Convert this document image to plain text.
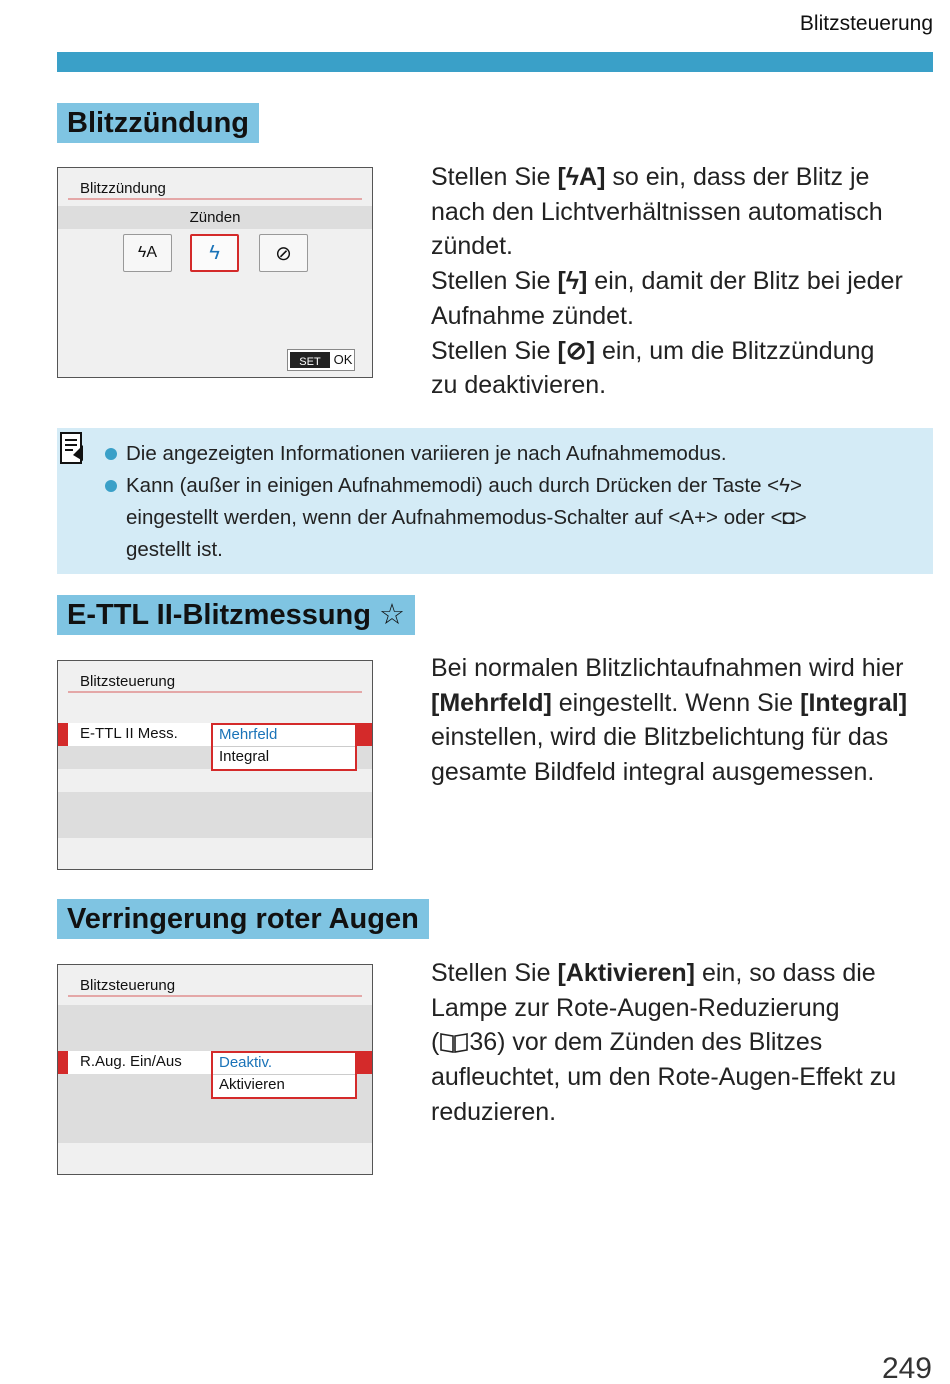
Blitzsteuerung
Blitzzündung
Blitzzündung
Zünden
ϟA	ϟ	⊘
SET OK
Stellen Sie [ϟA] so ein, dass der Blitz je
nach den Lichtverhältnissen automatisch
zündet.
Stellen Sie [ϟ] ein, damit der Blitz bei jeder
Aufnahme zündet.
Stellen Sie [⊘] ein, um die Blitzzündung
zu deaktivieren.
Die angezeigten Informationen variieren je nach Aufnahmemodus.
Kann (außer in einigen Aufnahmemodi) auch durch Drücken der Taste <ϟ>
eingestellt werden, wenn der Aufnahmemodus-Schalter auf <A+> oder <◘>
gestellt ist.
E-TTL II-Blitzmessung ☆
Blitzsteuerung
E-TTL II Mess.	Mehrfeld
Integral
Bei normalen Blitzlichtaufnahmen wird hier
[Mehrfeld] eingestellt. Wenn Sie [Integral]
einstellen, wird die Blitzbelichtung für das
gesamte Bildfeld integral ausgemessen.
Verringerung roter Augen
Blitzsteuerung
R.Aug. Ein/Aus	Deaktiv.
Aktivieren
Stellen Sie [Aktivieren] ein, so dass die
Lampe zur Rote-Augen-Reduzierung
( 36) vor dem Zünden des Blitzes
aufleuchtet, um den Rote-Augen-Effekt zu
reduzieren.
249
